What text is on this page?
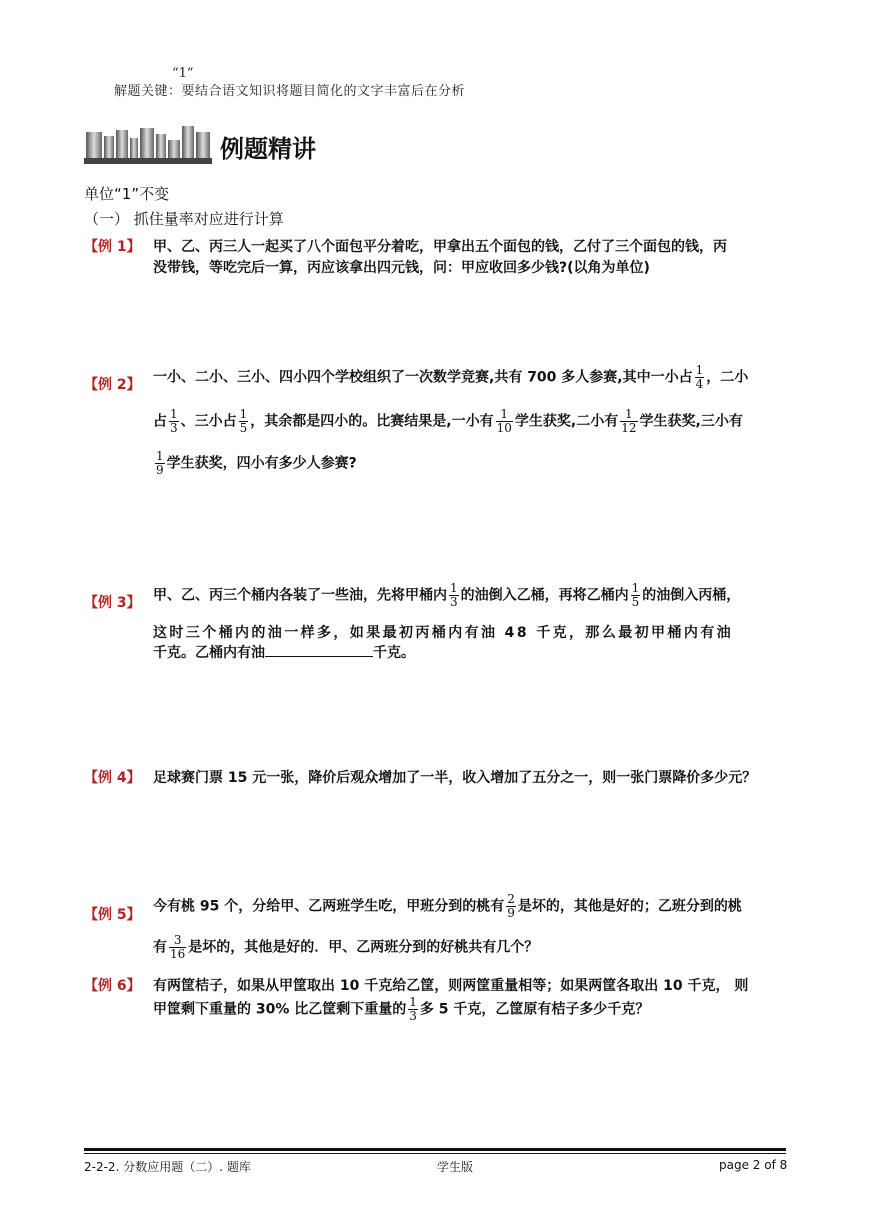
“1”
解题关键：要结合语文知识将题目简化的文字丰富后在分析
例题精讲
单位“1”不变
（一） 抓住量率对应进行计算
【例 1】 甲、乙、丙三人一起买了八个面包平分着吃，甲拿出五个面包的钱，乙付了三个面包的钱，丙
没带钱，等吃完后一算，丙应该拿出四元钱，问：甲应收回多少钱?(以角为单位)
【例 2】 一小、二小、三小、四小四个学校组织了一次数学竞赛,共有 700 多人参赛,其中一小占 $\frac{1}{4}$ ，二小
占 $\frac{1}{3}$ 、三小占 $\frac{1}{5}$ ，其余都是四小的。比赛结果是,一小有 $\frac{1}{10}$ 学生获奖,二小有 $\frac{1}{12}$ 学生获奖,三小有
$\frac{1}{9}$ 学生获奖，四小有多少人参赛?
【例 3】 甲、乙、丙三个桶内各装了一些油，先将甲桶内 $\frac{1}{3}$ 的油倒入乙桶，再将乙桶内 $\frac{1}{5}$ 的油倒入丙桶，
这时三个桶内的油一样多，如果最初丙桶内有油 48 千克，那么最初甲桶内有油
千克。乙桶内有油	千克。
【例 4】 足球赛门票 15 元一张，降价后观众增加了一半，收入增加了五分之一，则一张门票降价多少元？
【例 5】
今有桃 95 个，分给甲、乙两班学生吃，甲班分到的桃有 $\frac{2}{9}$ 是坏的，其他是好的；乙班分到的桃
有 $\frac{3}{16}$ 是坏的，其他是好的．甲、乙两班分到的好桃共有几个？
【例 6】 有两筐桔子，如果从甲筐取出 10 千克给乙筐，则两筐重量相等；如果两筐各取出 10 千克， 则
甲筐剩下重量的 30% 比乙筐剩下重量的 $\frac{1}{3}$ 多 5 千克，乙筐原有桔子多少千克？
2-2-2. 分数应用题（二）. 题库	学生版	page 2 of 8
